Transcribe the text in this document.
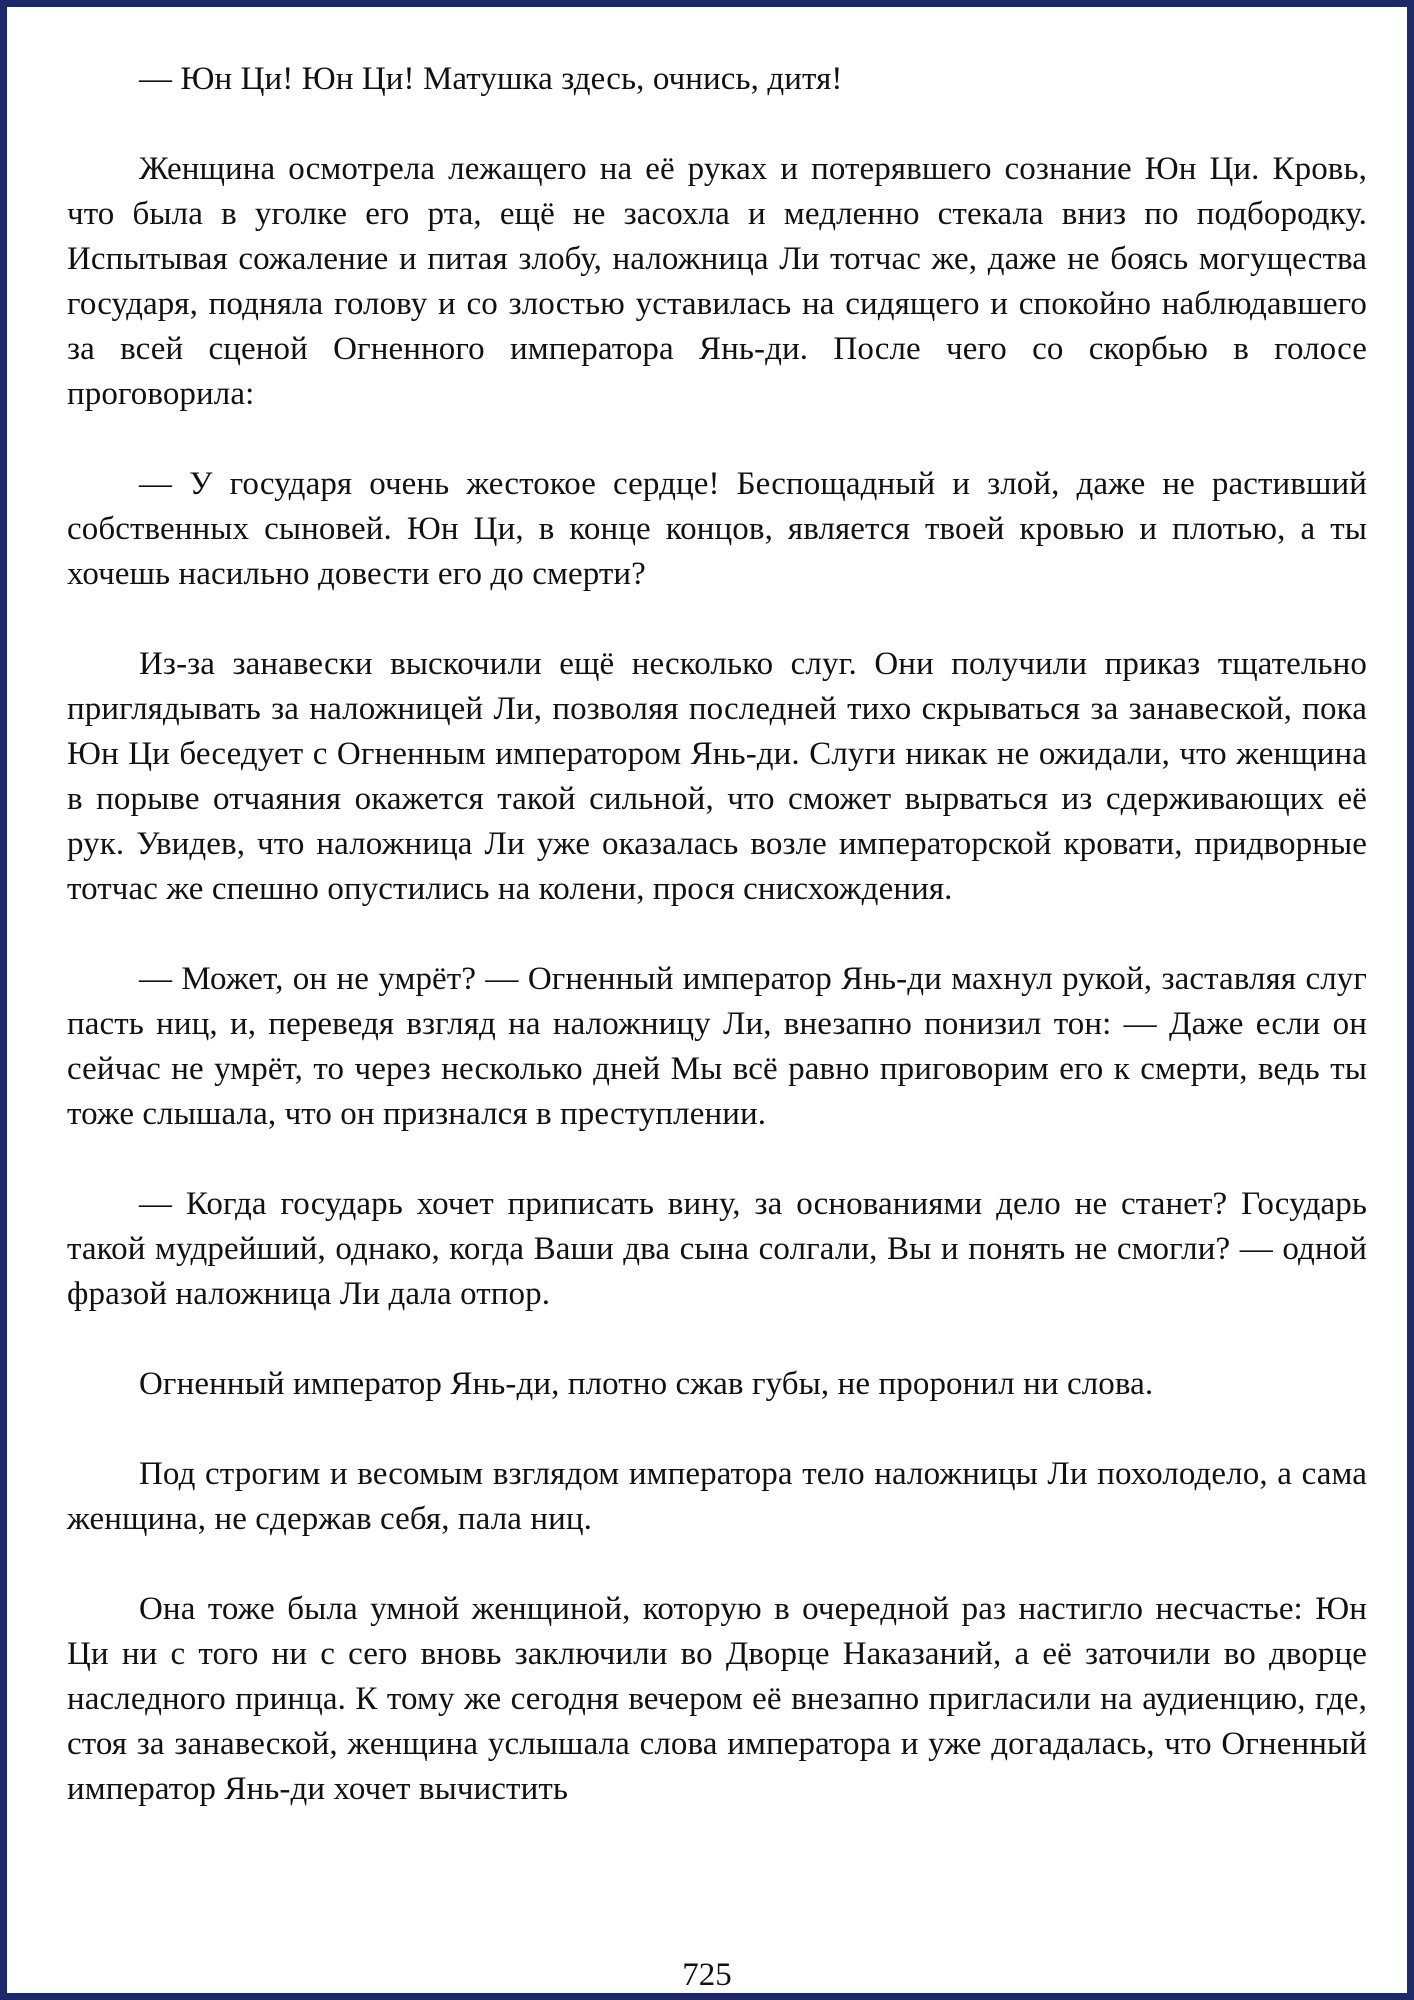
— Юн Ци! Юн Ци! Матушка здесь, очнись, дитя!

Женщина осмотрела лежащего на её руках и потерявшего сознание Юн Ци. Кровь, что была в уголке его рта, ещё не засохла и медленно стекала вниз по подбородку. Испытывая сожаление и питая злобу, наложница Ли тотчас же, даже не боясь могущества государя, подняла голову и со злостью уставилась на сидящего и спокойно наблюдавшего за всей сценой Огненного императора Янь-ди. После чего со скорбью в голосе проговорила:

— У государя очень жестокое сердце! Беспощадный и злой, даже не растивший собственных сыновей. Юн Ци, в конце концов, является твоей кровью и плотью, а ты хочешь насильно довести его до смерти?

Из-за занавески выскочили ещё несколько слуг. Они получили приказ тщательно приглядывать за наложницей Ли, позволяя последней тихо скрываться за занавеской, пока Юн Ци беседует с Огненным императором Янь-ди. Слуги никак не ожидали, что женщина в порыве отчаяния окажется такой сильной, что сможет вырваться из сдерживающих её рук. Увидев, что наложница Ли уже оказалась возле императорской кровати, придворные тотчас же спешно опустились на колени, прося снисхождения.

— Может, он не умрёт? — Огненный император Янь-ди махнул рукой, заставляя слуг пасть ниц, и, переведя взгляд на наложницу Ли, внезапно понизил тон: — Даже если он сейчас не умрёт, то через несколько дней Мы всё равно приговорим его к смерти, ведь ты тоже слышала, что он признался в преступлении.

— Когда государь хочет приписать вину, за основаниями дело не станет? Государь такой мудрейший, однако, когда Ваши два сына солгали, Вы и понять не смогли? — одной фразой наложница Ли дала отпор.

Огненный император Янь-ди, плотно сжав губы, не проронил ни слова.

Под строгим и весомым взглядом императора тело наложницы Ли похолодело, а сама женщина, не сдержав себя, пала ниц.

Она тоже была умной женщиной, которую в очередной раз настигло несчастье: Юн Ци ни с того ни с сего вновь заключили во Дворце Наказаний, а её заточили во дворце наследного принца. К тому же сегодня вечером её внезапно пригласили на аудиенцию, где, стоя за занавеской, женщина услышала слова императора и уже догадалась, что Огненный император Янь-ди хочет вычистить

725
